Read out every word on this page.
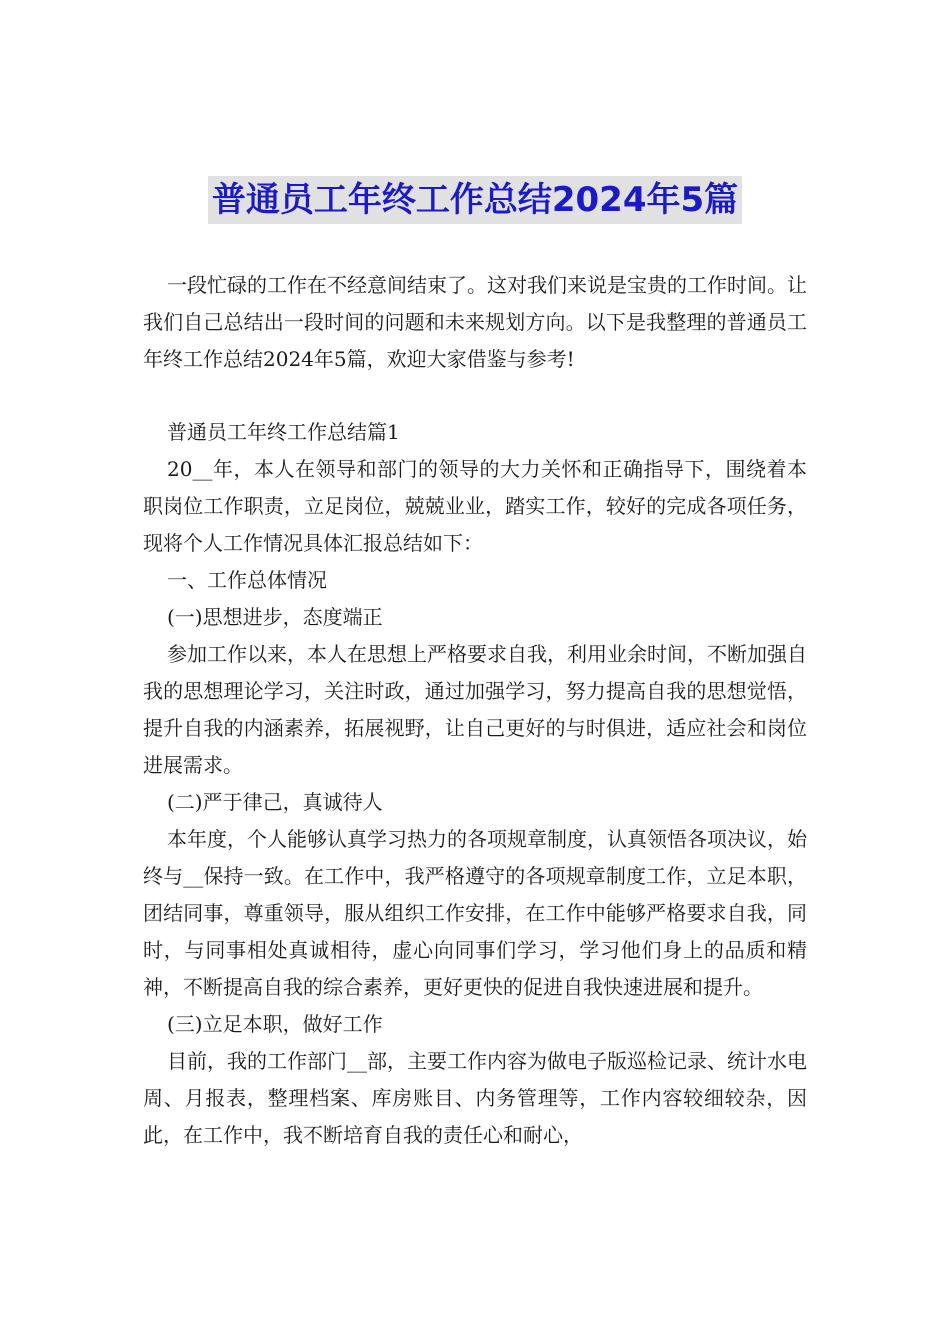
普通员工年终工作总结2024年5篇

一段忙碌的工作在不经意间结束了。这对我们来说是宝贵的工作时间。让我们自己总结出一段时间的问题和未来规划方向。以下是我整理的普通员工年终工作总结2024年5篇，欢迎大家借鉴与参考!

普通员工年终工作总结篇1

20__年，本人在领导和部门的领导的大力关怀和正确指导下，围绕着本职岗位工作职责，立足岗位，兢兢业业，踏实工作，较好的完成各项任务，现将个人工作情况具体汇报总结如下：

一、工作总体情况

(一)思想进步，态度端正

参加工作以来，本人在思想上严格要求自我，利用业余时间，不断加强自我的思想理论学习，关注时政，通过加强学习，努力提高自我的思想觉悟，提升自我的内涵素养，拓展视野，让自己更好的与时俱进，适应社会和岗位进展需求。

(二)严于律己，真诚待人

本年度，个人能够认真学习热力的各项规章制度，认真领悟各项决议，始终与__保持一致。在工作中，我严格遵守的各项规章制度工作，立足本职，团结同事，尊重领导，服从组织工作安排，在工作中能够严格要求自我，同时，与同事相处真诚相待，虚心向同事们学习，学习他们身上的品质和精神，不断提高自我的综合素养，更好更快的促进自我快速进展和提升。

(三)立足本职，做好工作

目前，我的工作部门__部，主要工作内容为做电子版巡检记录、统计水电周、月报表，整理档案、库房账目、内务管理等，工作内容较细较杂，因此，在工作中，我不断培育自我的责任心和耐心，
